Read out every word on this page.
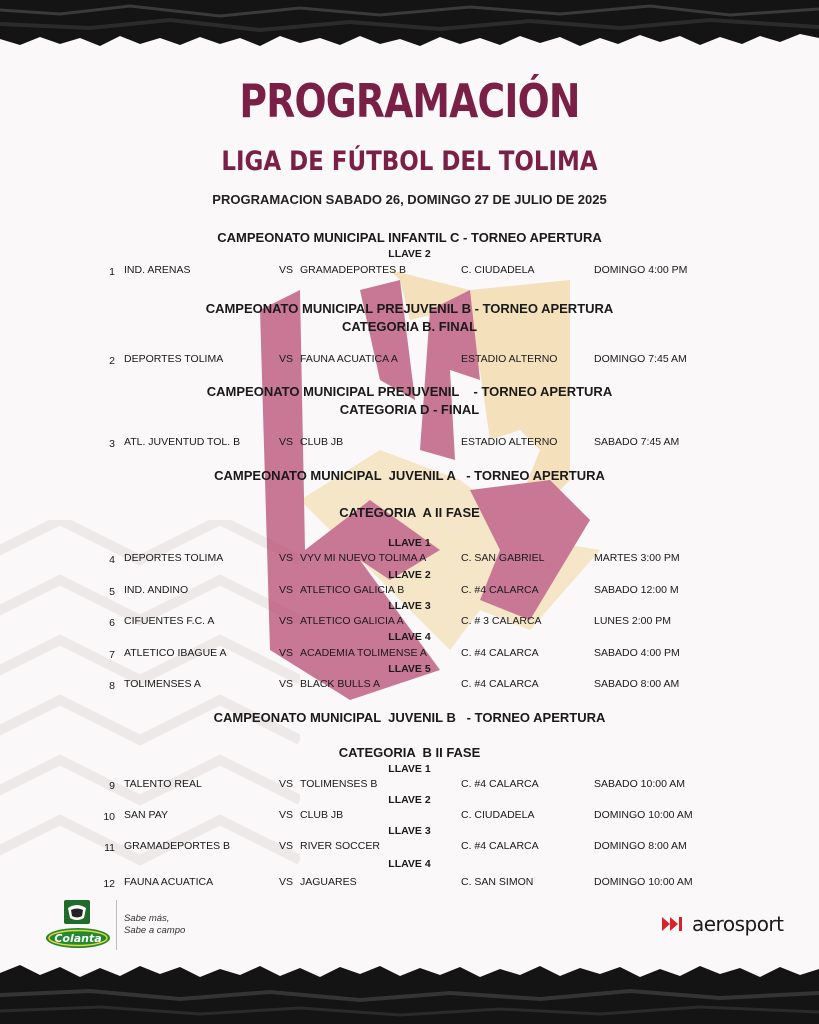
PROGRAMACIÓN
LIGA DE FÚTBOL DEL TOLIMA
PROGRAMACION SABADO 26, DOMINGO 27 DE JULIO DE 2025
CAMPEONATO MUNICIPAL INFANTIL C - TORNEO APERTURA
LLAVE 2
1 IND. ARENAS	VS GRAMADEPORTES B	C. CIUDADELA	DOMINGO 4:00 PM
CAMPEONATO MUNICIPAL PREJUVENIL B - TORNEO APERTURA
CATEGORIA B. FINAL
2 DEPORTES TOLIMA	VS FAUNA ACUATICA A	ESTADIO ALTERNO	DOMINGO 7:45 AM
CAMPEONATO MUNICIPAL PREJUVENIL    - TORNEO APERTURA
CATEGORIA D - FINAL
3 ATL. JUVENTUD TOL. B	VS CLUB JB	ESTADIO ALTERNO	SABADO 7:45 AM
CAMPEONATO MUNICIPAL  JUVENIL A   - TORNEO APERTURA
CATEGORIA  A II FASE
LLAVE 1
4 DEPORTES TOLIMA	VS VYV MI NUEVO TOLIMA A	C. SAN GABRIEL	MARTES 3:00 PM
LLAVE 2
5 IND. ANDINO	VS ATLETICO GALICIA B	C. #4 CALARCA	SABADO 12:00 M
LLAVE 3
6 CIFUENTES F.C. A	VS ATLETICO GALICIA A	C. # 3 CALARCA	LUNES 2:00 PM
LLAVE 4
7 ATLETICO IBAGUE A	VS ACADEMIA TOLIMENSE A	C. #4 CALARCA	SABADO 4:00 PM
LLAVE 5
8 TOLIMENSES A	VS BLACK BULLS A	C. #4 CALARCA	SABADO 8:00 AM
CAMPEONATO MUNICIPAL  JUVENIL B   - TORNEO APERTURA
CATEGORIA  B II FASE
LLAVE 1
9 TALENTO REAL	VS TOLIMENSES B	C. #4 CALARCA	SABADO 10:00 AM
LLAVE 2
10 SAN PAY	VS CLUB JB	C. CIUDADELA	DOMINGO 10:00 AM
LLAVE 3
11 GRAMADEPORTES B	VS RIVER SOCCER	C. #4 CALARCA	DOMINGO 8:00 AM
LLAVE 4
12 FAUNA ACUATICA	VS JAGUARES	C. SAN SIMON	DOMINGO 10:00 AM
Colanta
Sabe más,
Sabe a campo	aerosport
